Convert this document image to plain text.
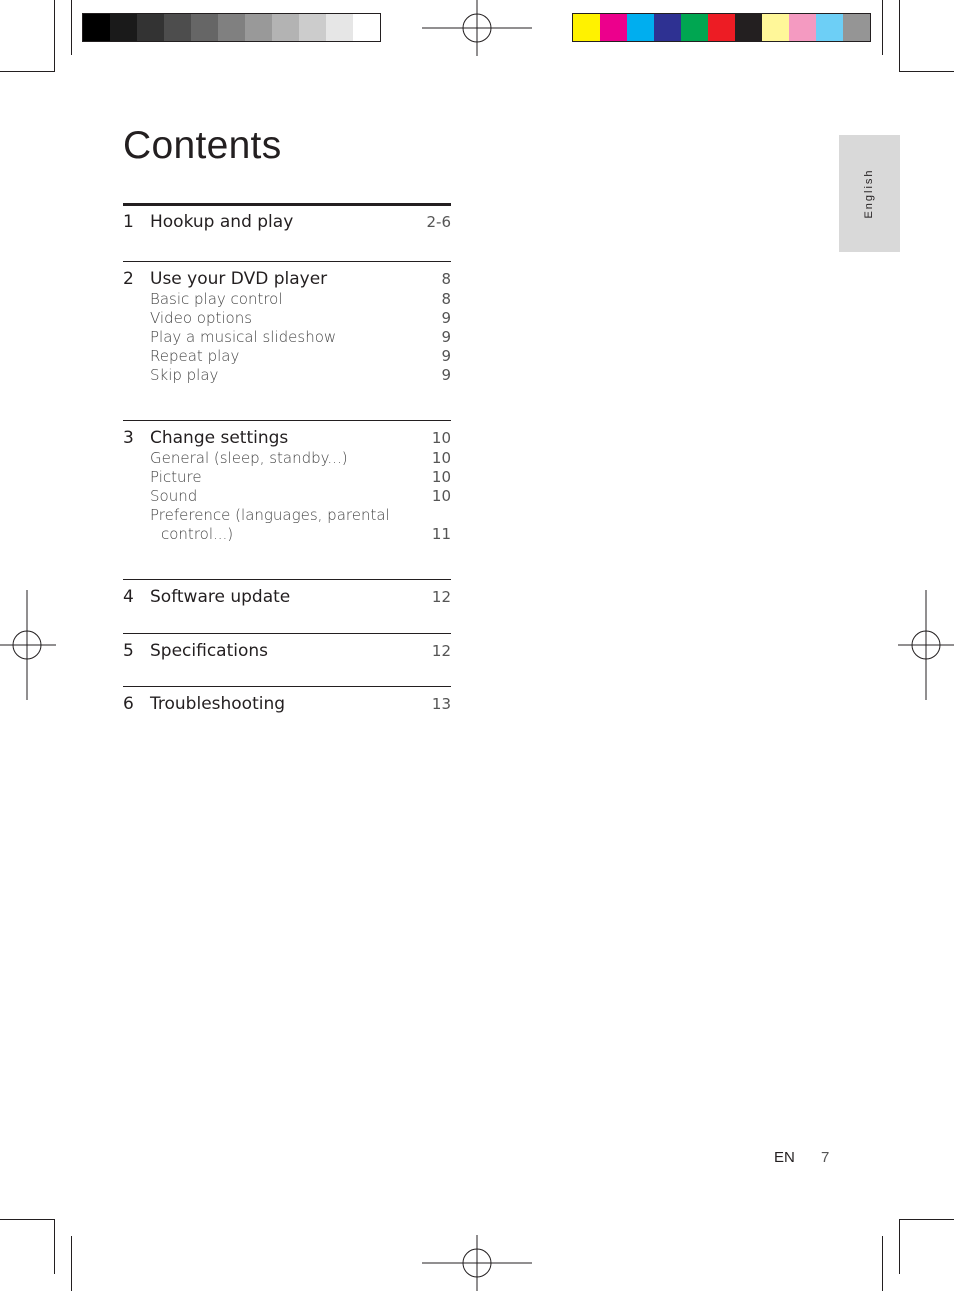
Contents
English
1 Hookup and play	2-6
2 Use your DVD player	8
Basic play control	8
Video options	9
Play a musical slideshow	9
Repeat play	9
Skip play	9
3 Change settings	10
General (sleep, standby...)	10
Picture	10
Sound	10
Preference (languages, parental
control...)	11
4 Software update	12
5 Specifications	12
6 Troubleshooting	13
EN 7
